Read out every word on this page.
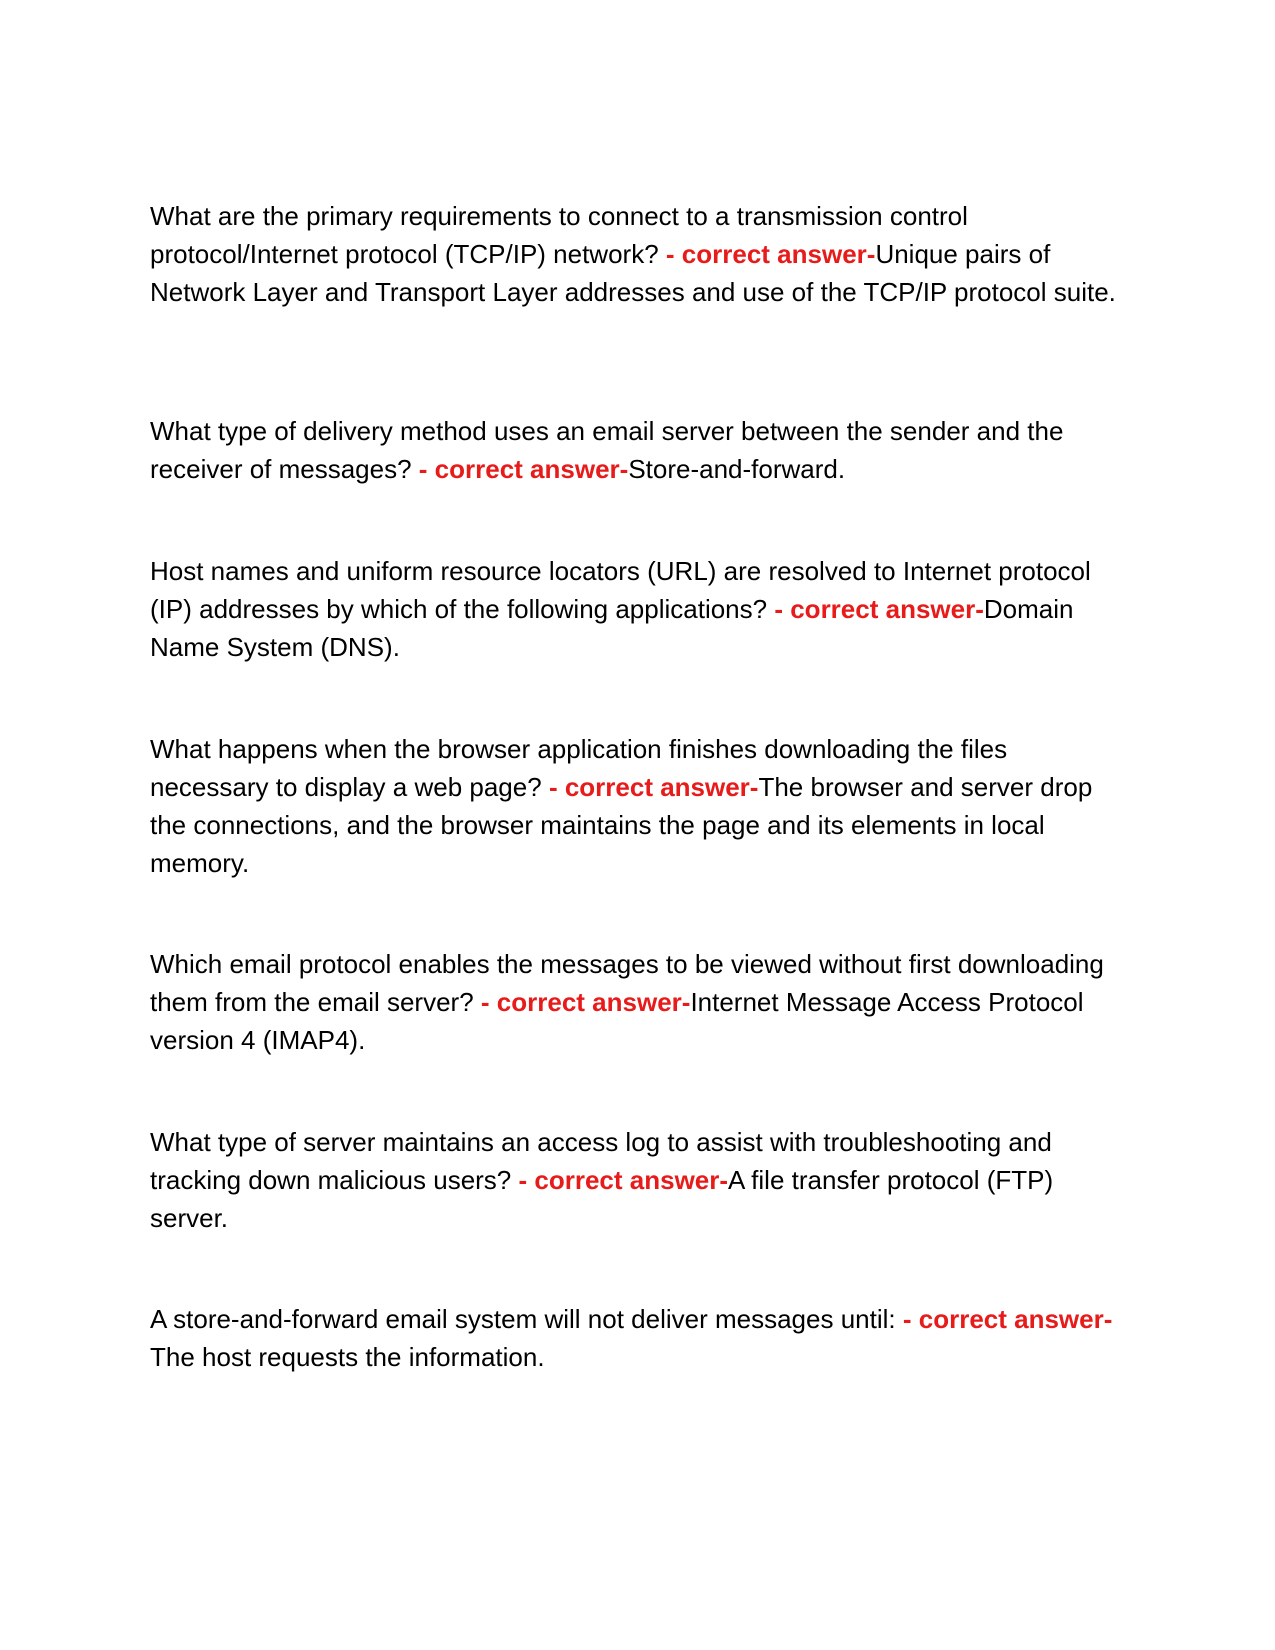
What are the primary requirements to connect to a transmission control protocol/Internet protocol (TCP/IP) network? - correct answer-Unique pairs of Network Layer and Transport Layer addresses and use of the TCP/IP protocol suite.

What type of delivery method uses an email server between the sender and the receiver of messages? - correct answer-Store-and-forward.

Host names and uniform resource locators (URL) are resolved to Internet protocol (IP) addresses by which of the following applications? - correct answer-Domain Name System (DNS).

What happens when the browser application finishes downloading the files necessary to display a web page? - correct answer-The browser and server drop the connections, and the browser maintains the page and its elements in local memory.

Which email protocol enables the messages to be viewed without first downloading them from the email server? - correct answer-Internet Message Access Protocol version 4 (IMAP4).

What type of server maintains an access log to assist with troubleshooting and tracking down malicious users? - correct answer-A file transfer protocol (FTP) server.

A store-and-forward email system will not deliver messages until: - correct answer-The host requests the information.
